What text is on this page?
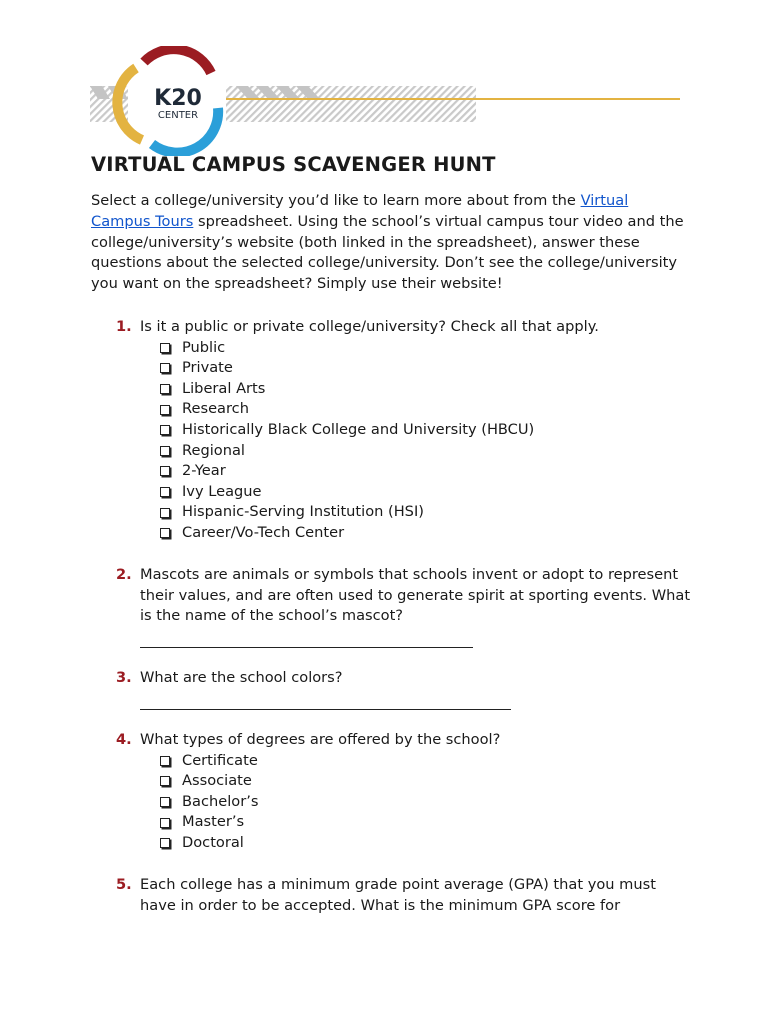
K20
CENTER
VIRTUAL CAMPUS SCAVENGER HUNT

Select a college/university you’d like to learn more about from the Virtual Campus Tours spreadsheet. Using the school’s virtual campus tour video and the college/university’s website (both linked in the spreadsheet), answer these questions about the selected college/university. Don’t see the college/university you want on the spreadsheet? Simply use their website!

1. Is it a public or private college/university? Check all that apply.
Public
Private
Liberal Arts
Research
Historically Black College and University (HBCU)
Regional
2-Year
Ivy League
Hispanic-Serving Institution (HSI)
Career/Vo-Tech Center
2. Mascots are animals or symbols that schools invent or adopt to represent their values, and are often used to generate spirit at sporting events. What is the name of the school’s mascot?
3. What are the school colors?
4. What types of degrees are offered by the school?
Certificate
Associate
Bachelor’s
Master’s
Doctoral
5. Each college has a minimum grade point average (GPA) that you must have in order to be accepted. What is the minimum GPA score for
